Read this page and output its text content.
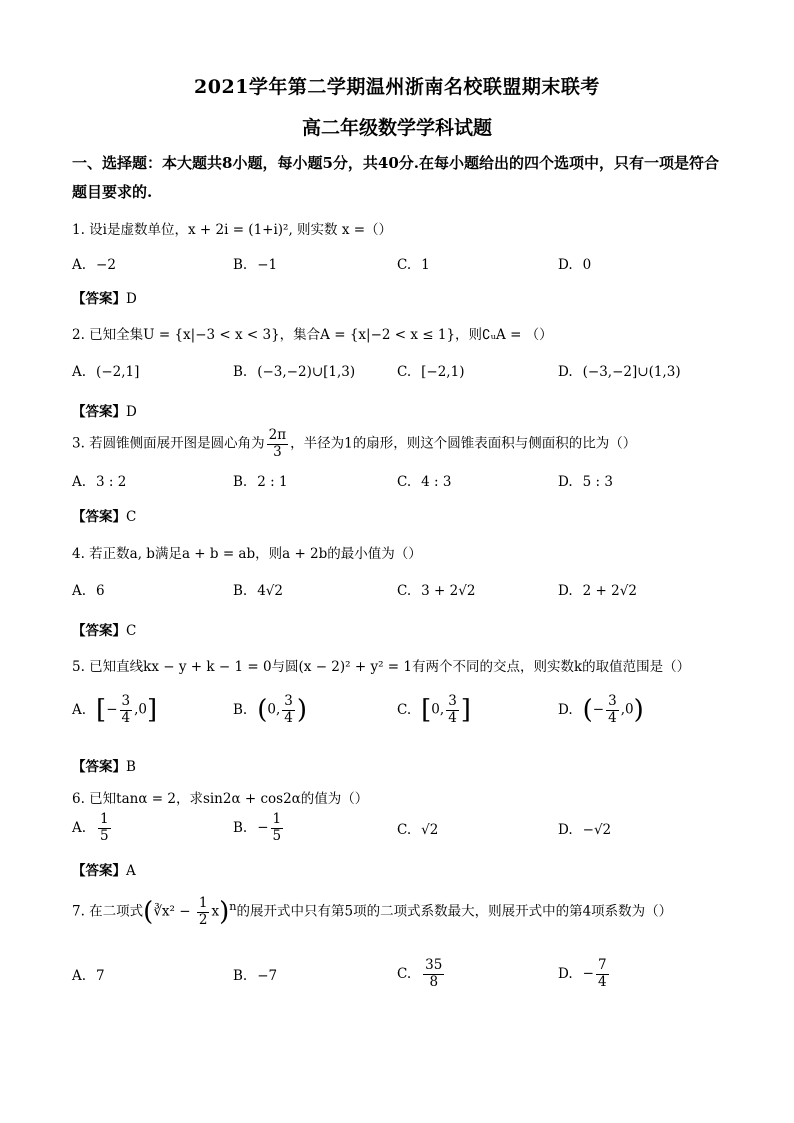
2021学年第二学期温州浙南名校联盟期末联考
高二年级数学学科试题
一、选择题：本大题共8小题，每小题5分，共40分.在每小题给出的四个选项中，只有一项是符合题目要求的.
1. 设i是虚数单位，x + 2i = (1+i)², 则实数 x =（）
A. −2	B. −1	C. 1	D. 0
【答案】D
2. 已知全集U = {x|−3 < x < 3}，集合A = {x|−2 < x ≤ 1}，则∁ᵤA = （）
A. (−2,1]	B. (−3,−2)∪[1,3)	C. [−2,1)	D. (−3,−2]∪(1,3)
【答案】D
3. 若圆锥侧面展开图是圆心角为 $\frac{2\pi}{3}$ ，半径为1的扇形，则这个圆锥表面积与侧面积的比为（）
A. 3 : 2	B. 2 : 1	C. 4 : 3	D. 5 : 3
【答案】C
4. 若正数a, b满足a + b = ab，则a + 2b的最小值为（）
A. 6	B. 4√2	C. 3 + 2√2	D. 2 + 2√2
【答案】C
5. 已知直线kx − y + k − 1 = 0与圆(x − 2)² + y² = 1有两个不同的交点，则实数k的取值范围是（）
A. [− $\frac{3}{4} ,0$]	B. (0, $\frac{3}{4}$ )	C. [0, $\frac{3}{4}$ ]	D. (− $\frac{3}{4} ,0$)
【答案】B
6. 已知tanα = 2，求sin2α + cos2α的值为（）
A. $\frac{1}{5}$	B. − $\frac{1}{5}$	C. √2	D. −√2
【答案】A
7. 在二项式(∛x² − $\frac{1}{2} x)^n$的展开式中只有第5项的二项式系数最大，则展开式中的第4项系数为（）
A. 7	B. −7	C. $\frac{35}{8}$	D. − $\frac{7}{4}$
